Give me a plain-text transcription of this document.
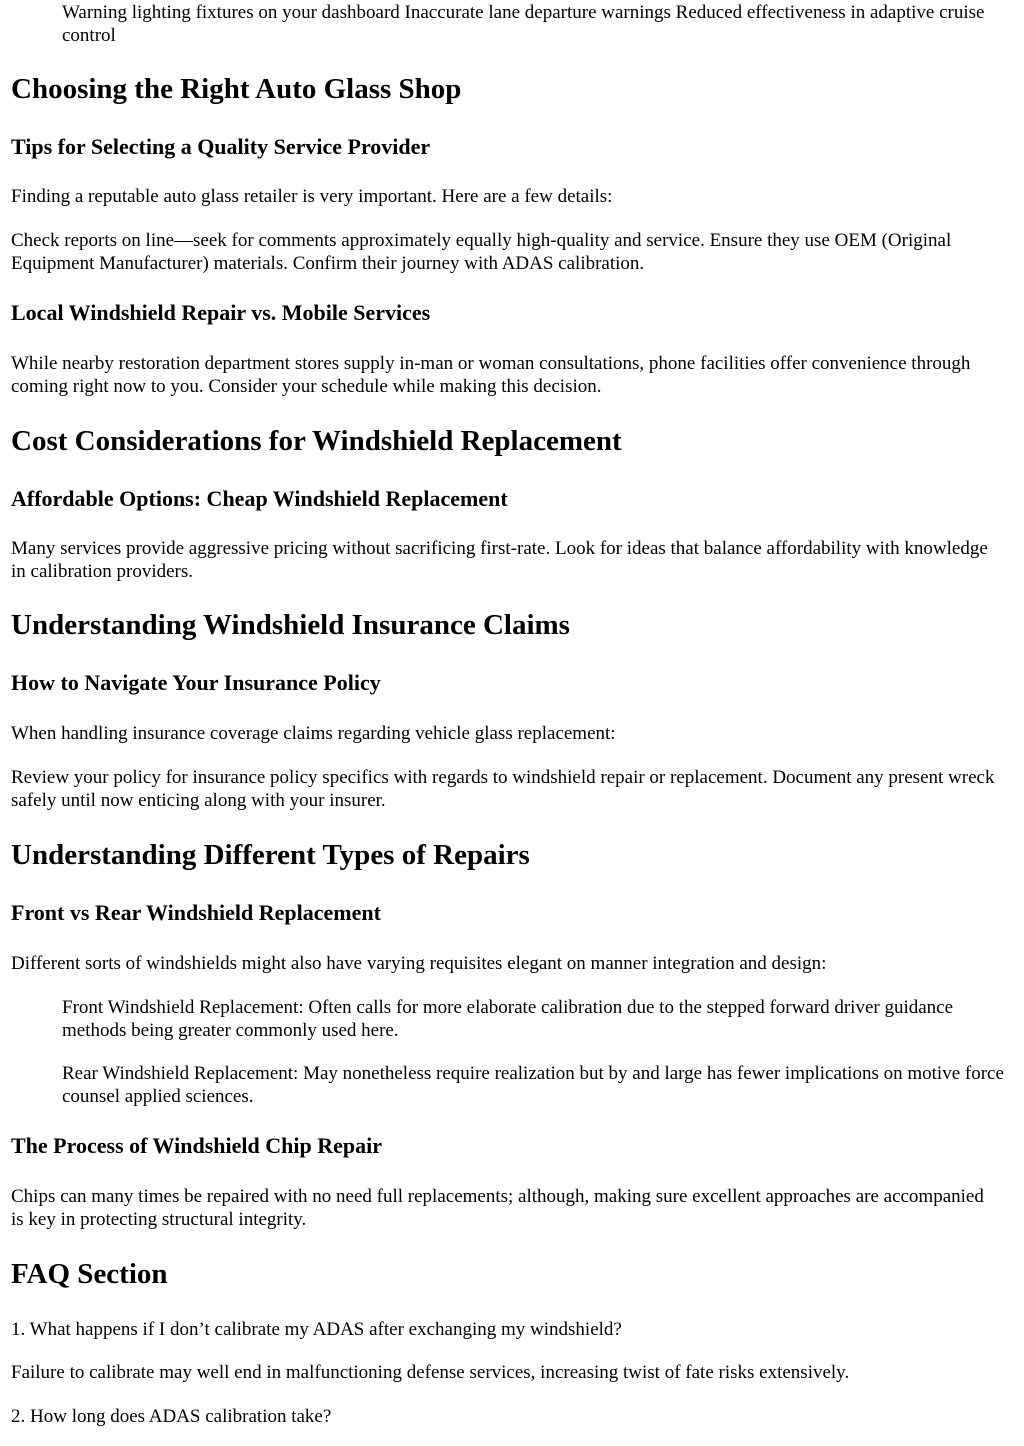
Warning lighting fixtures on your dashboard Inaccurate lane departure warnings Reduced effectiveness in adaptive cruise control

Choosing the Right Auto Glass Shop
Tips for Selecting a Quality Service Provider

Finding a reputable auto glass retailer is very important. Here are a few details:

Check reports on line—seek for comments approximately equally high-quality and service. Ensure they use OEM (Original Equipment Manufacturer) materials. Confirm their journey with ADAS calibration.

Local Windshield Repair vs. Mobile Services

While nearby restoration department stores supply in-man or woman consultations, phone facilities offer convenience through coming right now to you. Consider your schedule while making this decision.

Cost Considerations for Windshield Replacement
Affordable Options: Cheap Windshield Replacement

Many services provide aggressive pricing without sacrificing first-rate. Look for ideas that balance affordability with knowledge in calibration providers.

Understanding Windshield Insurance Claims
How to Navigate Your Insurance Policy

When handling insurance coverage claims regarding vehicle glass replacement:

Review your policy for insurance policy specifics with regards to windshield repair or replacement. Document any present wreck safely until now enticing along with your insurer.

Understanding Different Types of Repairs
Front vs Rear Windshield Replacement

Different sorts of windshields might also have varying requisites elegant on manner integration and design:

Front Windshield Replacement: Often calls for more elaborate calibration due to the stepped forward driver guidance methods being greater commonly used here.

Rear Windshield Replacement: May nonetheless require realization but by and large has fewer implications on motive force counsel applied sciences.

The Process of Windshield Chip Repair

Chips can many times be repaired with no need full replacements; although, making sure excellent approaches are accompanied is key in protecting structural integrity.

FAQ Section

1. What happens if I don’t calibrate my ADAS after exchanging my windshield?

Failure to calibrate may well end in malfunctioning defense services, increasing twist of fate risks extensively.

2. How long does ADAS calibration take?
